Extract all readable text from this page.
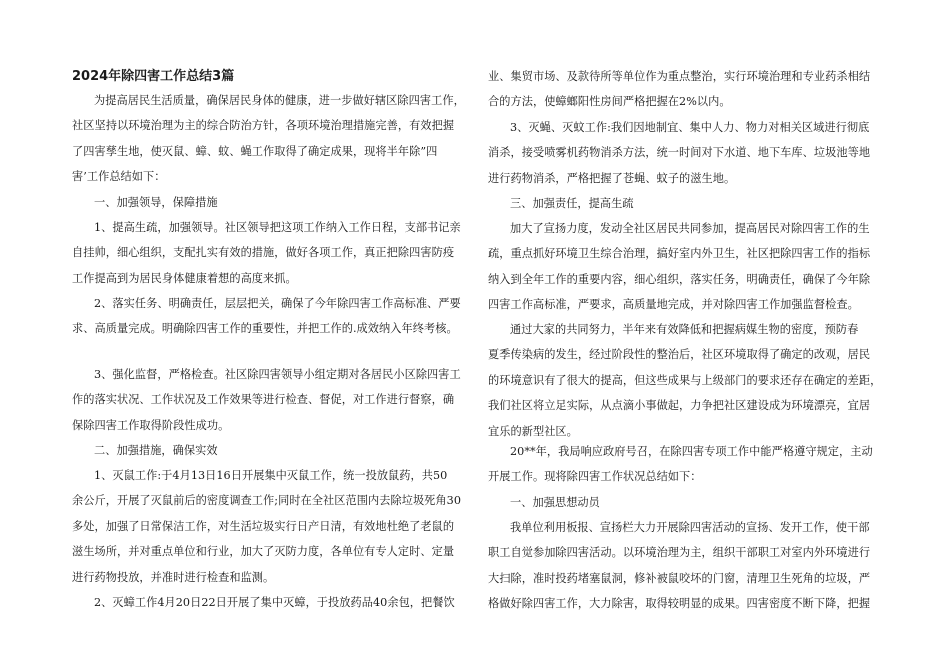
2024年除四害工作总结3篇
为提高居民生活质量，确保居民身体的健康，进一步做好辖区除四害工作，
社区坚持以环境治理为主的综合防治方针，各项环境治理措施完善，有效把握
了四害孳生地，使灭鼠、蟑、蚊、蝇工作取得了确定成果，现将半年除”四
害’工作总结如下：
一、加强领导，保障措施
1、提高生疏，加强领导。社区领导把这项工作纳入工作日程，支部书记亲
自挂帅，细心组织，支配扎实有效的措施，做好各项工作，真正把除四害防疫
工作提高到为居民身体健康着想的高度来抓。
2、落实任务、明确责任，层层把关，确保了今年除四害工作高标准、严要
求、高质量完成。明确除四害工作的重要性，并把工作的.成效纳入年终考核。
3、强化监督，严格检查。社区除四害领导小组定期对各居民小区除四害工
作的落实状况、工作状况及工作效果等进行检查、督促，对工作进行督察，确
保除四害工作取得阶段性成功。
二、加强措施，确保实效
1、灭鼠工作:于4月13日16日开展集中灭鼠工作，统一投放鼠药，共50
余公斤，开展了灭鼠前后的密度调查工作;同时在全社区范围内去除垃圾死角30
多处，加强了日常保洁工作，对生活垃圾实行日产日清，有效地杜绝了老鼠的
滋生场所，并对重点单位和行业，加大了灭防力度，各单位有专人定时、定量
进行药物投放，并准时进行检查和监测。
2、灭蟑工作4月20日22日开展了集中灭蟑，于投放药品40余包，把餐饮
业、集贸市场、及款待所等单位作为重点整治，实行环境治理和专业药杀相结
合的方法，使蟑螂阳性房间严格把握在2%以内。
3、灭蝇、灭蚊工作:我们因地制宜、集中人力、物力对相关区域进行彻底
消杀，接受喷雾机药物消杀方法，统一时间对下水道、地下车库、垃圾池等地
进行药物消杀，严格把握了苍蝇、蚊子的滋生地。
三、加强责任，提高生疏
加大了宣扬力度，发动全社区居民共同参加，提高居民对除四害工作的生
疏，重点抓好环境卫生综合治理，搞好室内外卫生，社区把除四害工作的指标
纳入到全年工作的重要内容，细心组织，落实任务，明确责任，确保了今年除
四害工作高标准，严要求，高质量地完成，并对除四害工作加强监督检查。
通过大家的共同努力，半年来有效降低和把握病媒生物的密度，预防春
夏季传染病的发生，经过阶段性的整治后，社区环境取得了确定的改观，居民
的环境意识有了很大的提高，但这些成果与上级部门的要求还存在确定的差距，
我们社区将立足实际，从点滴小事做起，力争把社区建设成为环境漂亮，宜居
宜乐的新型社区。
20**年，我局响应政府号召，在除四害专项工作中能严格遵守规定，主动
开展工作。现将除四害工作状况总结如下：
一、加强思想动员
我单位利用板报、宣扬栏大力开展除四害活动的宣扬、发开工作，使干部
职工自觉参加除四害活动。以环境治理为主，组织干部职工对室内外环境进行
大扫除，准时投药堵塞鼠洞，修补被鼠咬坏的门窗，清理卫生死角的垃圾，严
格做好除四害工作，大力除害，取得较明显的成果。四害密度不断下降，把握
